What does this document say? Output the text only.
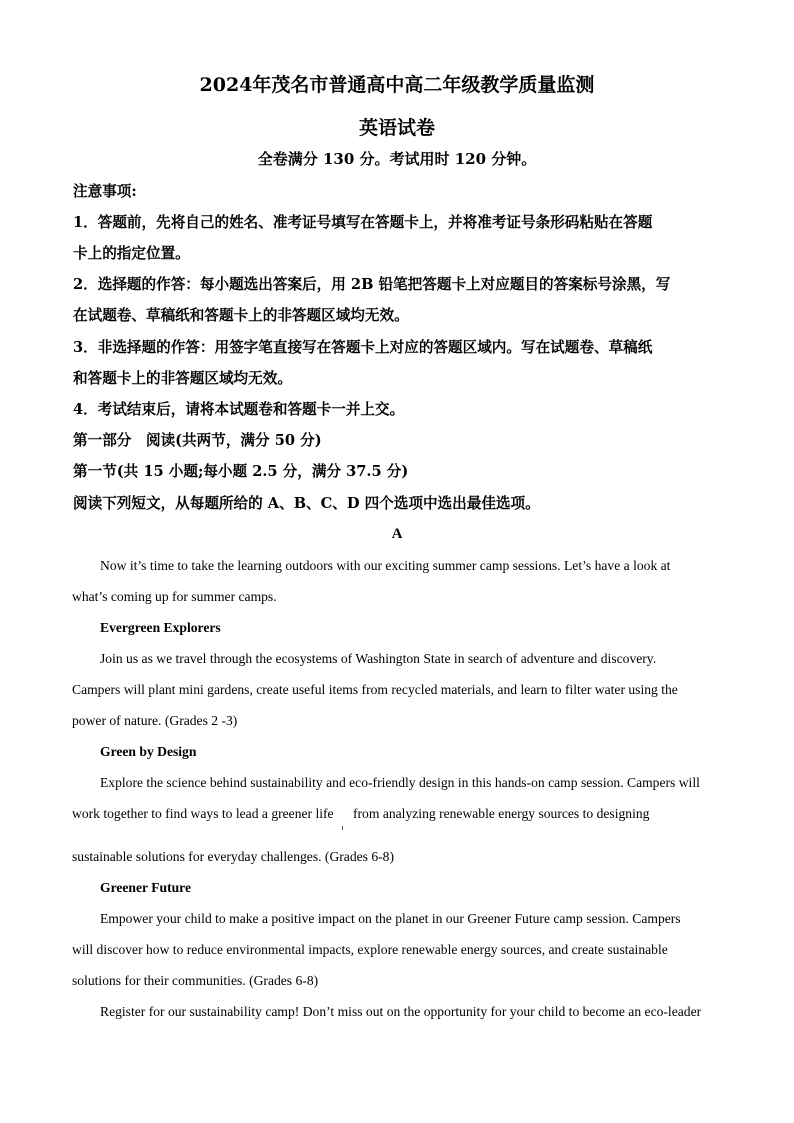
2024年茂名市普通高中高二年级教学质量监测
英语试卷
全卷满分 130 分。考试用时 120 分钟。
注意事项:
1．答题前，先将自己的姓名、准考证号填写在答题卡上，并将准考证号条形码粘贴在答题
卡上的指定位置。
2．选择题的作答：每小题选出答案后，用 2B 铅笔把答题卡上对应题目的答案标号涂黑，写
在试题卷、草稿纸和答题卡上的非答题区域均无效。
3．非选择题的作答：用签字笔直接写在答题卡上对应的答题区域内。写在试题卷、草稿纸
和答题卡上的非答题区域均无效。
4．考试结束后，请将本试题卷和答题卡一并上交。
第一部分　阅读(共两节，满分 50 分)
第一节(共 15 小题;每小题 2.5 分，满分 37.5 分)
阅读下列短文，从每题所给的 A、B、C、D 四个选项中选出最佳选项。
A
Now it’s time to take the learning outdoors with our exciting summer camp sessions. Let’s have a look at
what’s coming up for summer camps.
Evergreen Explorers
Join us as we travel through the ecosystems of Washington State in search of adventure and discovery.
Campers will plant mini gardens, create useful items from recycled materials, and learn to filter water using the
power of nature. (Grades 2 -3)
Green by Design
Explore the science behind sustainability and eco-friendly design in this hands-on camp session. Campers will
work together to find ways to lead a greener life from analyzing renewable energy sources to designing
sustainable solutions for everyday challenges. (Grades 6-8)
Greener Future
Empower your child to make a positive impact on the planet in our Greener Future camp session. Campers
will discover how to reduce environmental impacts, explore renewable energy sources, and create sustainable
solutions for their communities. (Grades 6-8)
Register for our sustainability camp! Don’t miss out on the opportunity for your child to become an eco-leader
